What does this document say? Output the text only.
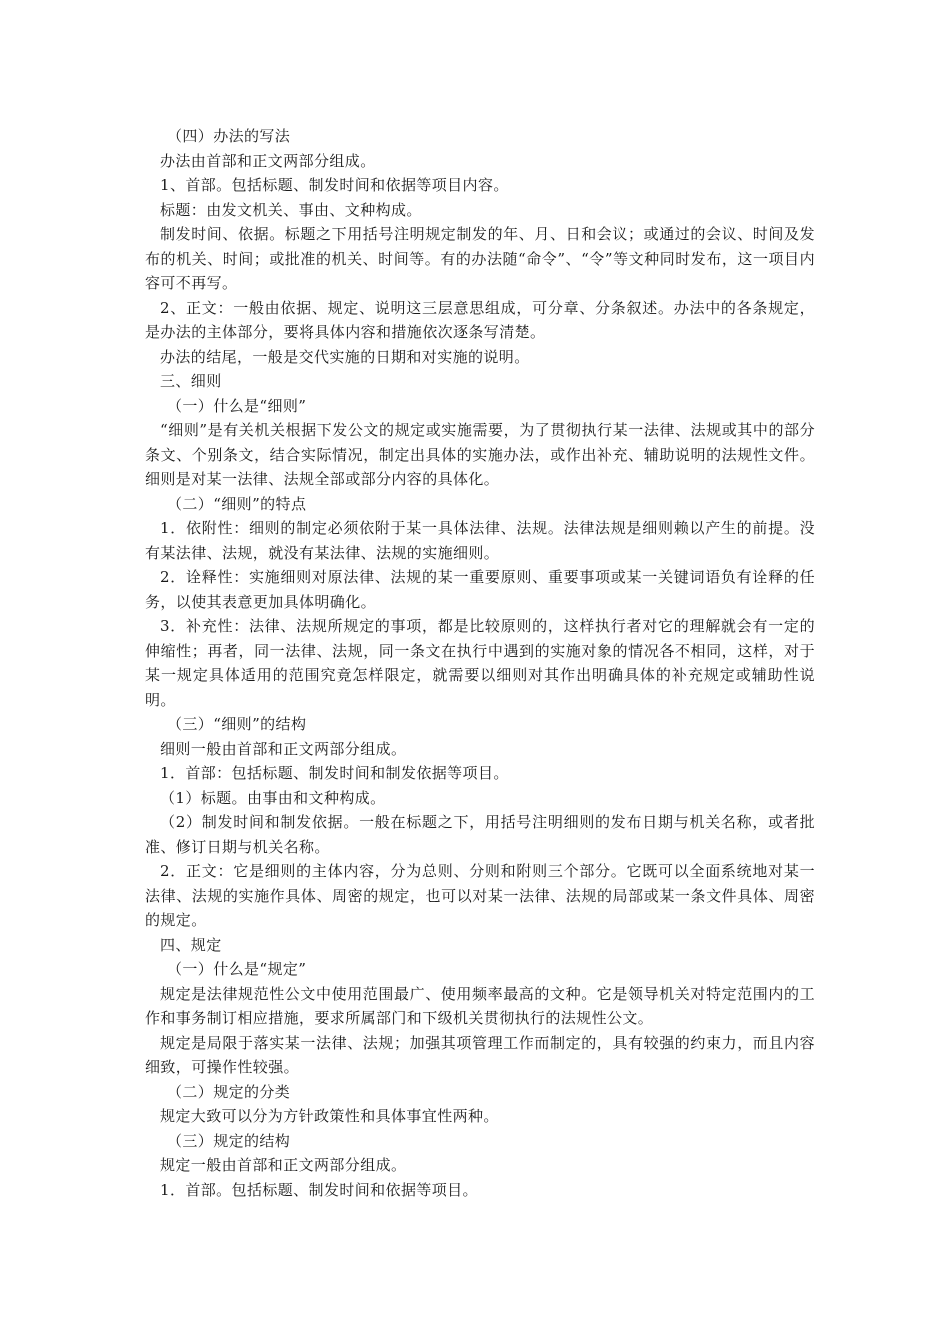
（四）办法的写法

办法由首部和正文两部分组成。

1、首部。包括标题、制发时间和依据等项目内容。

标题：由发文机关、事由、文种构成。

制发时间、依据。标题之下用括号注明规定制发的年、月、日和会议；或通过的会议、时间及发布的机关、时间；或批准的机关、时间等。有的办法随“命令”、“令”等文种同时发布，这一项目内容可不再写。

2、正文：一般由依据、规定、说明这三层意思组成，可分章、分条叙述。办法中的各条规定，是办法的主体部分，要将具体内容和措施依次逐条写清楚。

办法的结尾，一般是交代实施的日期和对实施的说明。

三、细则

（一）什么是“细则”

“细则”是有关机关根据下发公文的规定或实施需要，为了贯彻执行某一法律、法规或其中的部分条文、个别条文，结合实际情况，制定出具体的实施办法，或作出补充、辅助说明的法规性文件。细则是对某一法律、法规全部或部分内容的具体化。

（二）“细则”的特点

1．依附性：细则的制定必须依附于某一具体法律、法规。法律法规是细则赖以产生的前提。没有某法律、法规，就没有某法律、法规的实施细则。

2．诠释性：实施细则对原法律、法规的某一重要原则、重要事项或某一关键词语负有诠释的任务，以使其表意更加具体明确化。

3．补充性：法律、法规所规定的事项，都是比较原则的，这样执行者对它的理解就会有一定的伸缩性；再者，同一法律、法规，同一条文在执行中遇到的实施对象的情况各不相同，这样，对于某一规定具体适用的范围究竟怎样限定，就需要以细则对其作出明确具体的补充规定或辅助性说明。

（三）“细则”的结构

细则一般由首部和正文两部分组成。

1．首部：包括标题、制发时间和制发依据等项目。

（1）标题。由事由和文种构成。

（2）制发时间和制发依据。一般在标题之下，用括号注明细则的发布日期与机关名称，或者批准、修订日期与机关名称。

2．正文：它是细则的主体内容，分为总则、分则和附则三个部分。它既可以全面系统地对某一法律、法规的实施作具体、周密的规定，也可以对某一法律、法规的局部或某一条文件具体、周密的规定。

四、规定

（一）什么是“规定”

规定是法律规范性公文中使用范围最广、使用频率最高的文种。它是领导机关对特定范围内的工作和事务制订相应措施，要求所属部门和下级机关贯彻执行的法规性公文。

规定是局限于落实某一法律、法规；加强其项管理工作而制定的，具有较强的约束力，而且内容细致，可操作性较强。

（二）规定的分类

规定大致可以分为方针政策性和具体事宜性两种。

（三）规定的结构

规定一般由首部和正文两部分组成。

1．首部。包括标题、制发时间和依据等项目。
